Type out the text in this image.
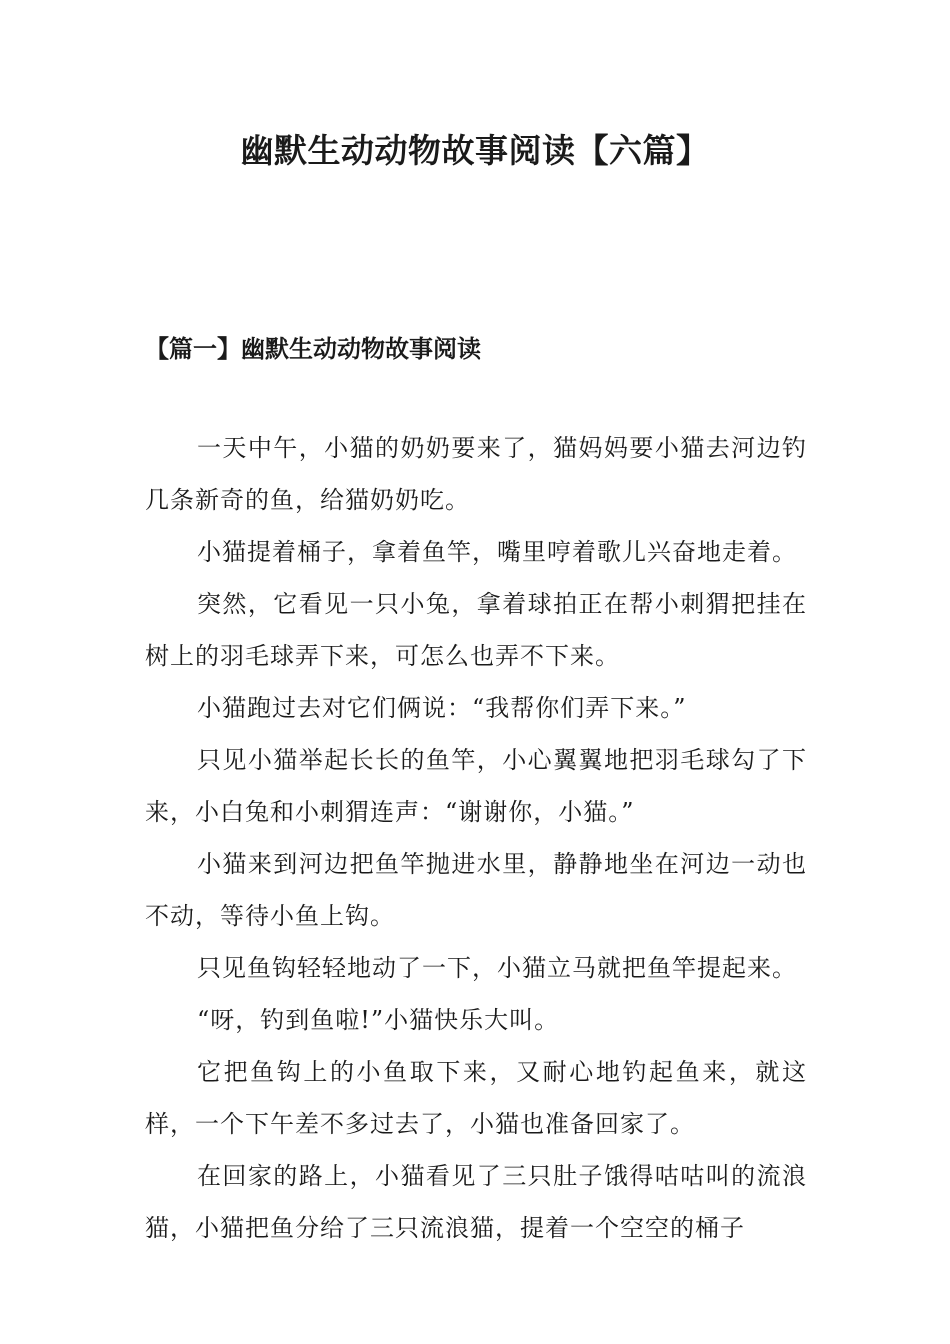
幽默生动动物故事阅读【六篇】
【篇一】幽默生动动物故事阅读

一天中午，小猫的奶奶要来了，猫妈妈要小猫去河边钓几条新奇的鱼，给猫奶奶吃。

小猫提着桶子，拿着鱼竿，嘴里哼着歌儿兴奋地走着。

突然，它看见一只小兔，拿着球拍正在帮小刺猬把挂在树上的羽毛球弄下来，可怎么也弄不下来。

小猫跑过去对它们俩说：“我帮你们弄下来。”

只见小猫举起长长的鱼竿，小心翼翼地把羽毛球勾了下来，小白兔和小刺猬连声：“谢谢你，小猫。”

小猫来到河边把鱼竿抛进水里，静静地坐在河边一动也不动，等待小鱼上钩。

只见鱼钩轻轻地动了一下，小猫立马就把鱼竿提起来。

“呀，钓到鱼啦!”小猫快乐大叫。

它把鱼钩上的小鱼取下来，又耐心地钓起鱼来，就这样，一个下午差不多过去了，小猫也准备回家了。

在回家的路上，小猫看见了三只肚子饿得咕咕叫的流浪猫，小猫把鱼分给了三只流浪猫，提着一个空空的桶子
